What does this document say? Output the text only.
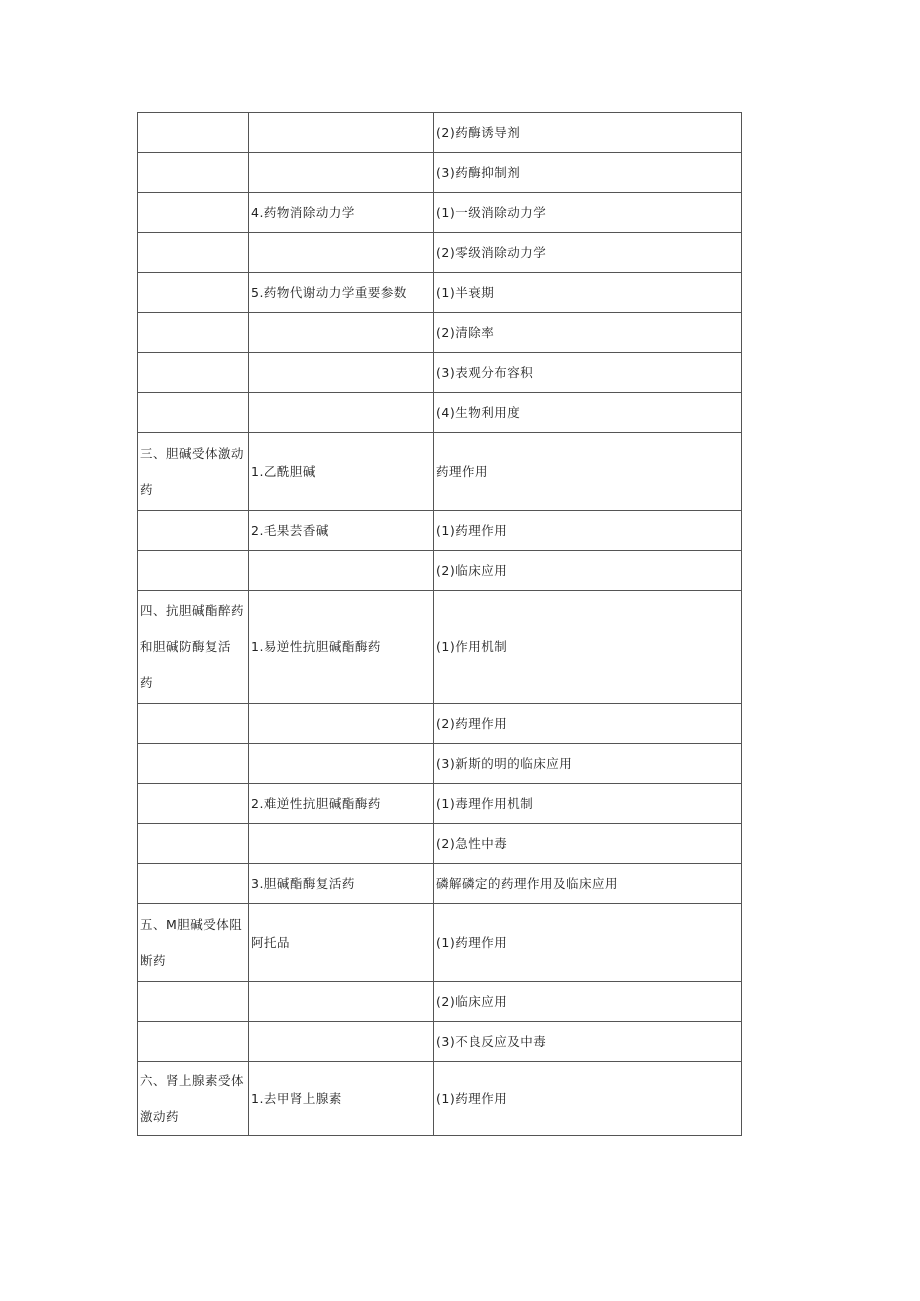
		(2)药酶诱导剂
		(3)药酶抑制剂
	4.药物消除动力学	(1)一级消除动力学
		(2)零级消除动力学
	5.药物代谢动力学重要参数	(1)半衰期
		(2)清除率
		(3)表观分布容积
		(4)生物利用度

三、胆碱受体激动
药	1.乙酰胆碱	药理作用
	2.毛果芸香碱	(1)药理作用
		(2)临床应用

四、抗胆碱酯醉药
和胆碱防酶复活
药	1.易逆性抗胆碱酯酶药	(1)作用机制
		(2)药理作用
		(3)新斯的明的临床应用
	2.难逆性抗胆碱酯酶药	(1)毒理作用机制
		(2)急性中毒
	3.胆碱酯酶复活药	磷解磷定的药理作用及临床应用

五、M胆碱受体阻
断药	阿托品	(1)药理作用
		(2)临床应用
		(3)不良反应及中毒

六、肾上腺素受体
激动药	1.去甲肾上腺素	(1)药理作用
